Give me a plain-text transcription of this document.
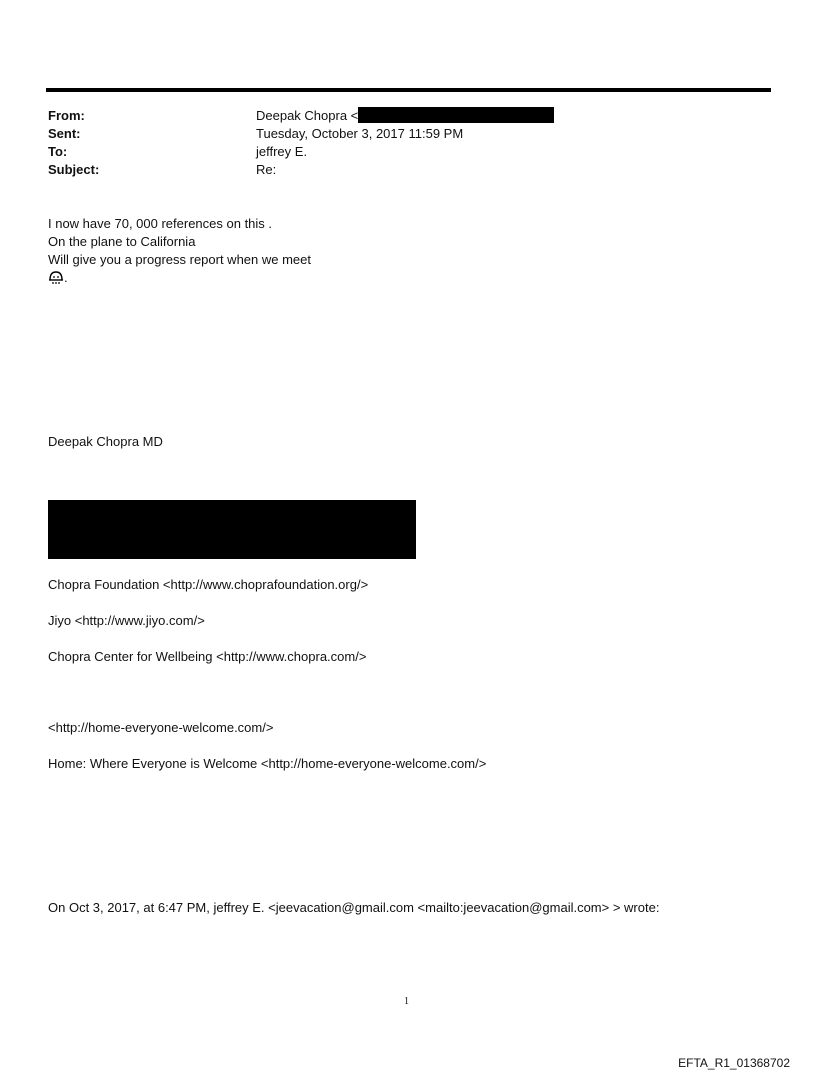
From:	Deepak Chopra <
Sent:	Tuesday, October 3, 2017 11:59 PM
To:	jeffrey E.
Subject:	Re:
I now have 70, 000 references on this .
On the plane to California
Will give you a progress report when we meet
.
Deepak Chopra MD
Chopra Foundation <http://www.choprafoundation.org/>
Jiyo <http://www.jiyo.com/>
Chopra Center for Wellbeing <http://www.chopra.com/>
<http://home-everyone-welcome.com/>
Home: Where Everyone is Welcome <http://home-everyone-welcome.com/>
On Oct 3, 2017, at 6:47 PM, jeffrey E. <jeevacation@gmail.com <mailto:jeevacation@gmail.com> > wrote:
1
EFTA_R1_01368702
